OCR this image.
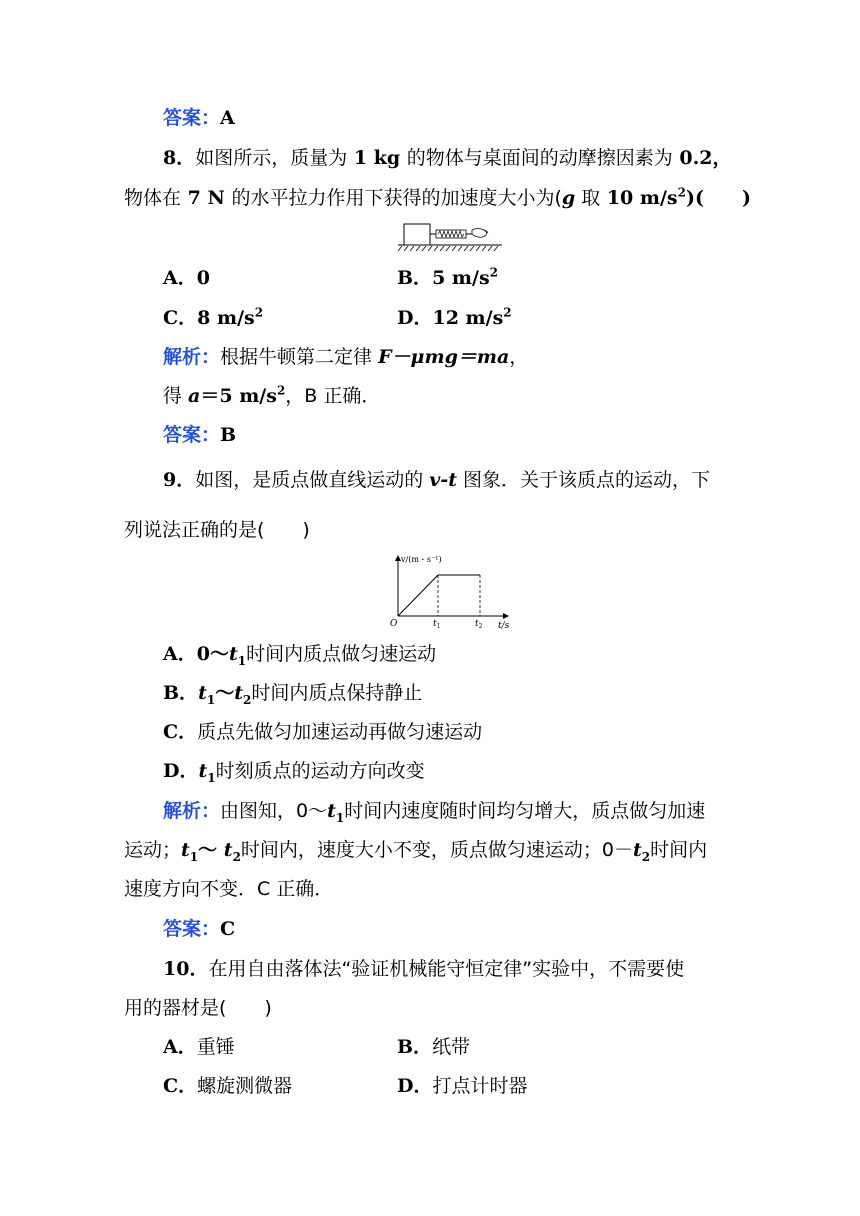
答案：A
8．如图所示，质量为 1 kg 的物体与桌面间的动摩擦因素为 0.2，
物体在 7 N 的水平拉力作用下获得的加速度大小为(g 取 10 $m/s^2$)(　　)
A．0	B．5 $m/s^2$
C．8 $m/s^2$	D．12 $m/s^2$
解析：根据牛顿第二定律 F－μmg＝ma，
得 a＝5 $m/s^2$，B 正确．
答案：B
9．如图，是质点做直线运动的 v-t 图象．关于该质点的运动，下
列说法正确的是(　　)
v/(m・s⁻¹)
O	$t_1$	$t_2$ t/s
A．$0\sim t_1$时间内质点做匀速运动
B．$t_1\sim t_2$时间内质点保持静止
C．质点先做匀加速运动再做匀速运动
D．$t_1$时刻质点的运动方向改变
解析：由图知，$0\sim t_1$时间内速度随时间均匀增大，质点做匀加速
运动；$t_1\sim$ $t_2$时间内，速度大小不变，质点做匀速运动；$0-t_2$时间内
速度方向不变．C 正确．
答案：C
10．在用自由落体法“验证机械能守恒定律”实验中，不需要使
用的器材是(　　)
A．重锤	B．纸带
C．螺旋测微器	D．打点计时器
